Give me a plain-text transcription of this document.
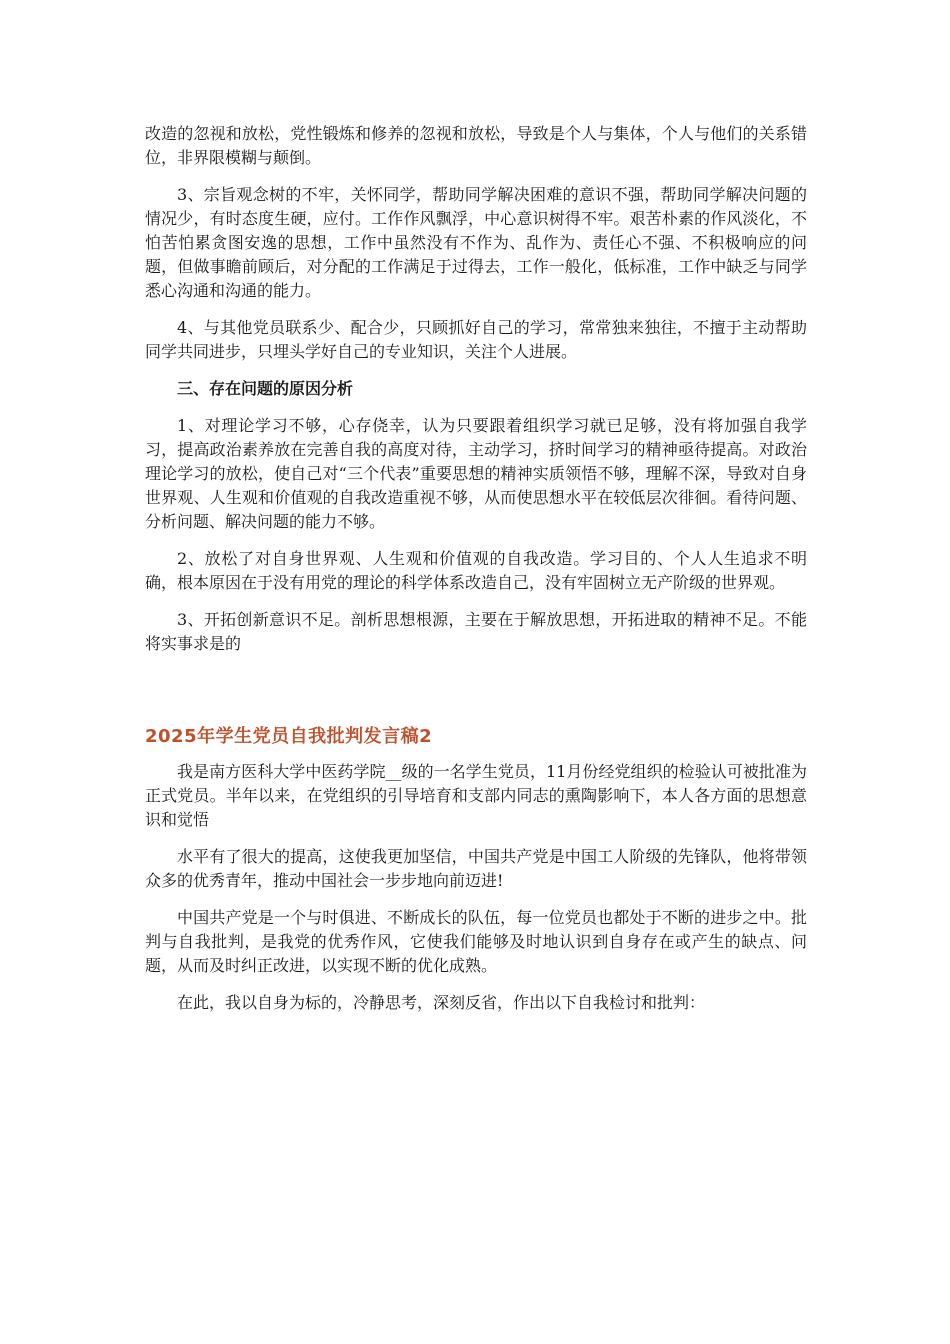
改造的忽视和放松，党性锻炼和修养的忽视和放松，导致是个人与集体，个人与他们的关系错位，非界限模糊与颠倒。

3、宗旨观念树的不牢，关怀同学，帮助同学解决困难的意识不强，帮助同学解决问题的情况少，有时态度生硬，应付。工作作风飘浮，中心意识树得不牢。艰苦朴素的作风淡化，不怕苦怕累贪图安逸的思想，工作中虽然没有不作为、乱作为、责任心不强、不积极响应的问题，但做事瞻前顾后，对分配的工作满足于过得去，工作一般化，低标准，工作中缺乏与同学悉心沟通和沟通的能力。

4、与其他党员联系少、配合少，只顾抓好自己的学习，常常独来独往，不擅于主动帮助同学共同进步，只埋头学好自己的专业知识，关注个人进展。

三、存在问题的原因分析

1、对理论学习不够，心存侥幸，认为只要跟着组织学习就已足够，没有将加强自我学习，提高政治素养放在完善自我的高度对待，主动学习，挤时间学习的精神亟待提高。对政治理论学习的放松，使自己对“三个代表”重要思想的精神实质领悟不够，理解不深，导致对自身世界观、人生观和价值观的自我改造重视不够，从而使思想水平在较低层次徘徊。看待问题、分析问题、解决问题的能力不够。

2、放松了对自身世界观、人生观和价值观的自我改造。学习目的、个人人生追求不明确，根本原因在于没有用党的理论的科学体系改造自己，没有牢固树立无产阶级的世界观。

3、开拓创新意识不足。剖析思想根源，主要在于解放思想，开拓进取的精神不足。不能将实事求是的

2025年学生党员自我批判发言稿2

我是南方医科大学中医药学院__级的一名学生党员，11月份经党组织的检验认可被批准为正式党员。半年以来，在党组织的引导培育和支部内同志的熏陶影响下，本人各方面的思想意识和觉悟

水平有了很大的提高，这使我更加坚信，中国共产党是中国工人阶级的先锋队，他将带领众多的优秀青年，推动中国社会一步步地向前迈进!

中国共产党是一个与时俱进、不断成长的队伍，每一位党员也都处于不断的进步之中。批判与自我批判，是我党的优秀作风，它使我们能够及时地认识到自身存在或产生的缺点、问题，从而及时纠正改进，以实现不断的优化成熟。

在此，我以自身为标的，冷静思考，深刻反省，作出以下自我检讨和批判：
